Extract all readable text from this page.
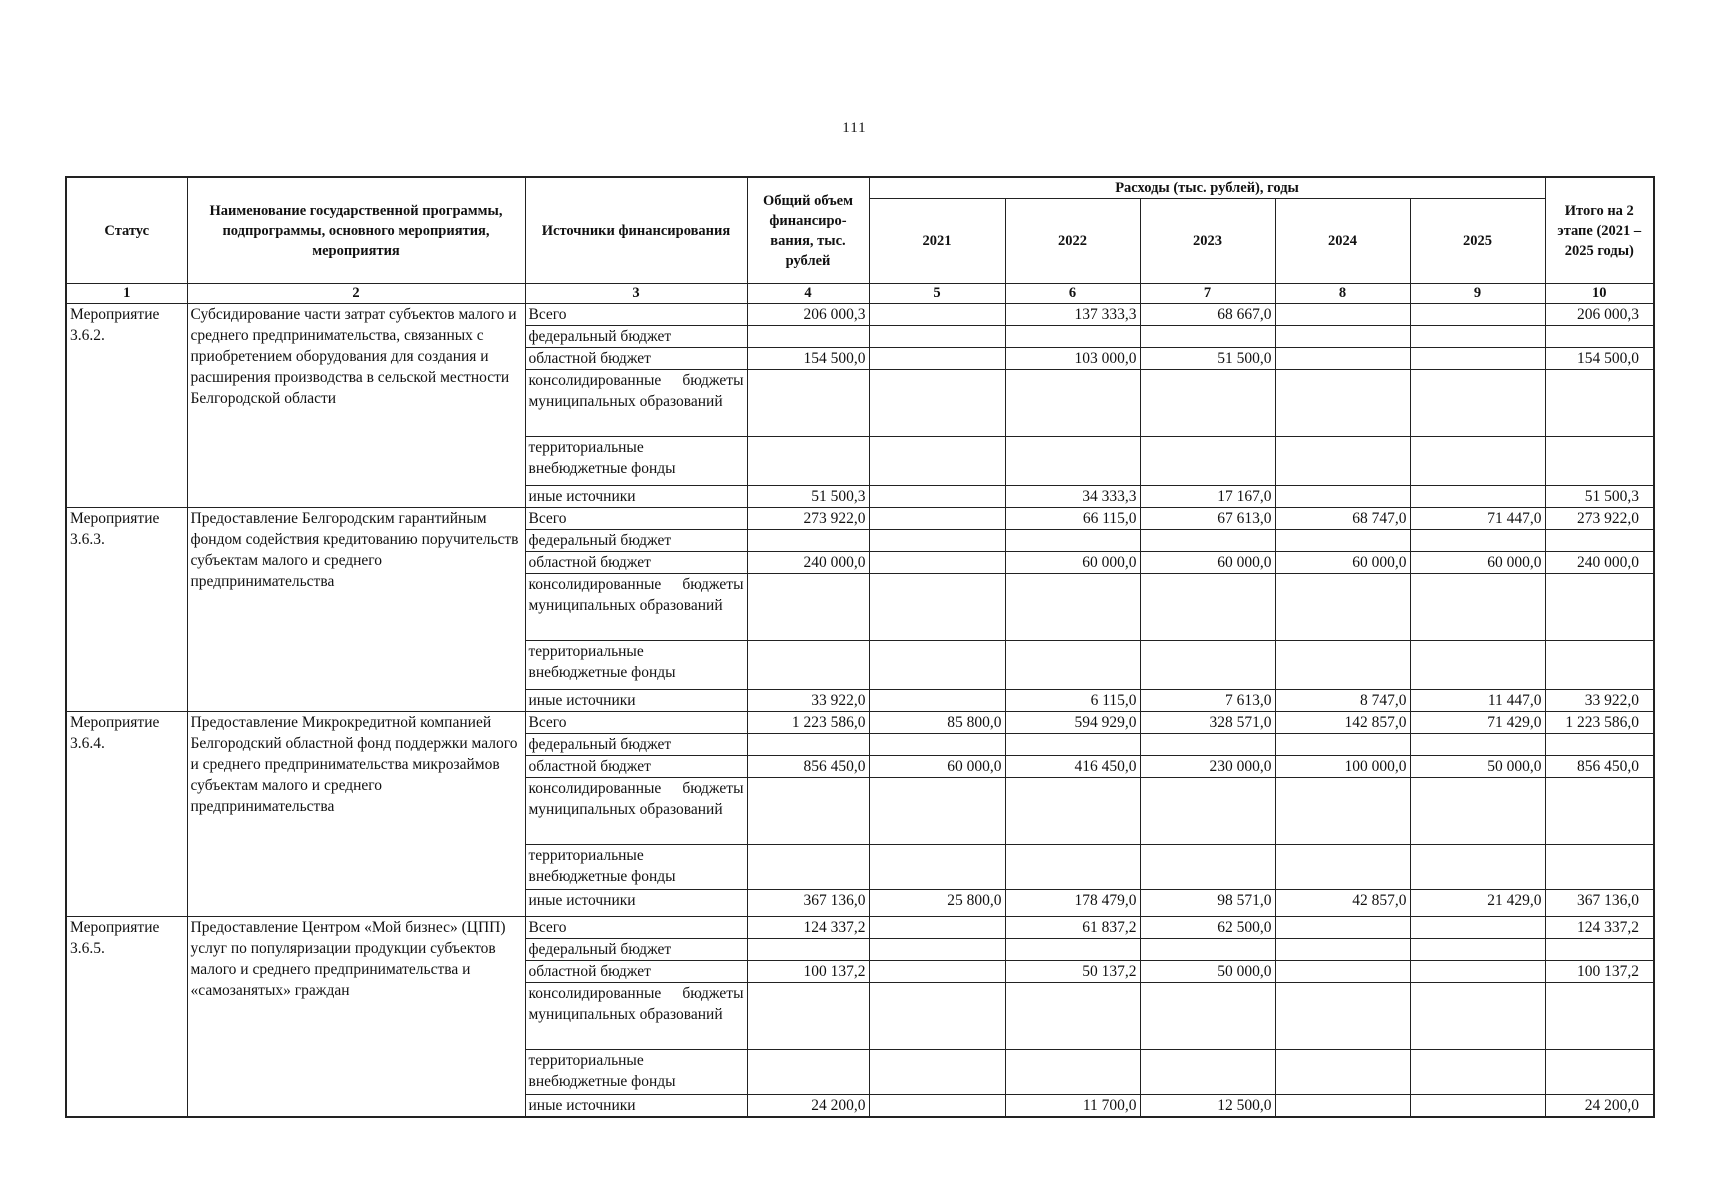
111
Статус	Наименование государственной программы, подпрограммы, основного мероприятия, мероприятия	Источники финансирования	Общий объем финансиро-вания, тыс. рублей	Расходы (тыс. рублей), годы					Итого на 2 этапе (2021 – 2025 годы)
				2021	2022	2023	2024	2025	
1	2	3	4	5	6	7	8	9	10
Мероприятие 3.6.2.	Субсидирование части затрат субъектов малого и среднего предпринимательства, связанных с приобретением оборудования для создания и расширения производства в сельской местности Белгородской области	Всего	206 000,3		137 333,3	68 667,0			206 000,3
		федеральный бюджет							
		областной бюджет	154 500,0		103 000,0	51 500,0			154 500,0
		консолидированные бюджеты муниципальных образований							
		территориальные внебюджетные фонды							
		иные источники	51 500,3		34 333,3	17 167,0			51 500,3
Мероприятие 3.6.3.	Предоставление Белгородским гарантийным фондом содействия кредитованию поручительств субъектам малого и среднего предпринимательства	Всего	273 922,0		66 115,0	67 613,0	68 747,0	71 447,0	273 922,0
		федеральный бюджет							
		областной бюджет	240 000,0		60 000,0	60 000,0	60 000,0	60 000,0	240 000,0
		консолидированные бюджеты муниципальных образований							
		территориальные внебюджетные фонды							
		иные источники	33 922,0		6 115,0	7 613,0	8 747,0	11 447,0	33 922,0
Мероприятие 3.6.4.	Предоставление Микрокредитной компанией Белгородский областной фонд поддержки малого и среднего предпринимательства микрозаймов субъектам малого и среднего предпринимательства	Всего	1 223 586,0	85 800,0	594 929,0	328 571,0	142 857,0	71 429,0	1 223 586,0
		федеральный бюджет							
		областной бюджет	856 450,0	60 000,0	416 450,0	230 000,0	100 000,0	50 000,0	856 450,0
		консолидированные бюджеты муниципальных образований							
		территориальные внебюджетные фонды							
		иные источники	367 136,0	25 800,0	178 479,0	98 571,0	42 857,0	21 429,0	367 136,0
Мероприятие 3.6.5.	Предоставление Центром «Мой бизнес» (ЦПП) услуг по популяризации продукции субъектов малого и среднего предпринимательства и «самозанятых» граждан	Всего	124 337,2		61 837,2	62 500,0			124 337,2
		федеральный бюджет							
		областной бюджет	100 137,2		50 137,2	50 000,0			100 137,2
		консолидированные бюджеты муниципальных образований							
		территориальные внебюджетные фонды							
		иные источники	24 200,0		11 700,0	12 500,0			24 200,0
